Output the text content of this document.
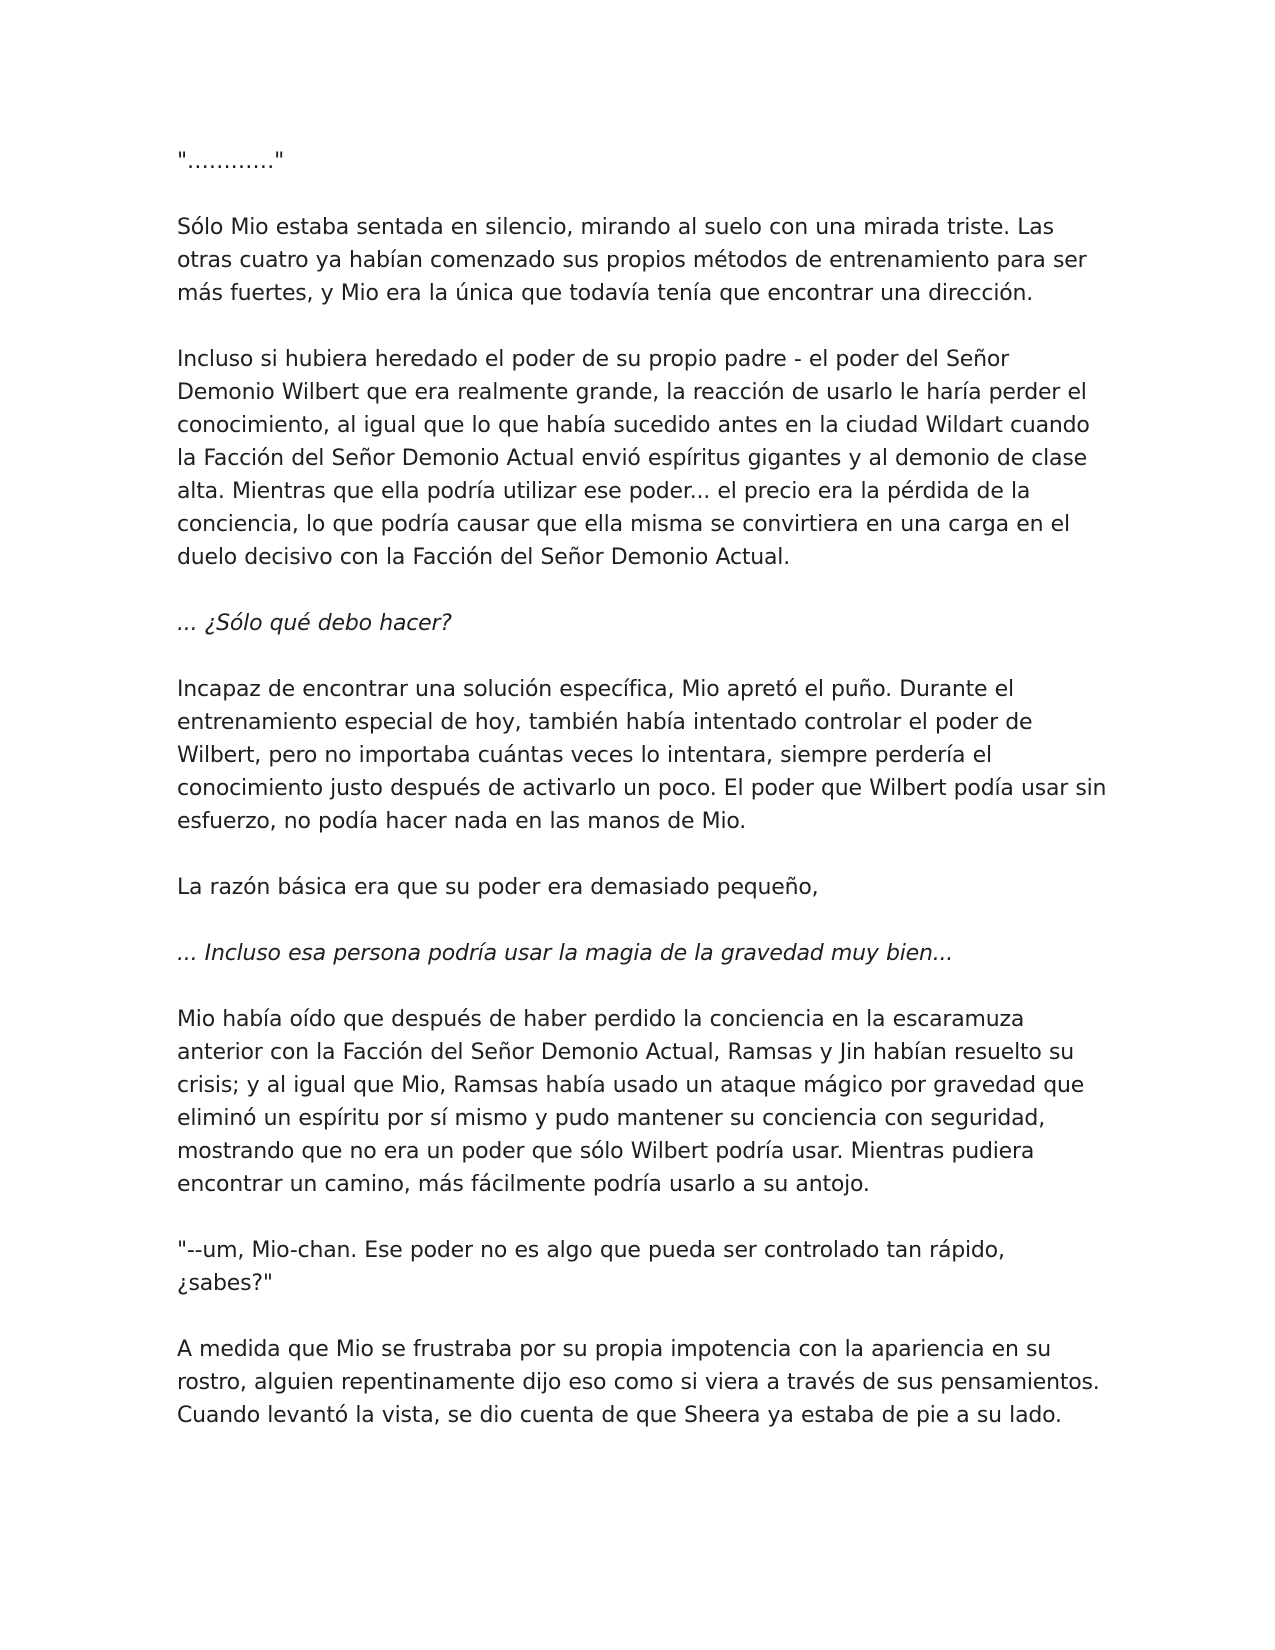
"…………"

Sólo Mio estaba sentada en silencio, mirando al suelo con una mirada triste. Las otras cuatro ya habían comenzado sus propios métodos de entrenamiento para ser más fuertes, y Mio era la única que todavía tenía que encontrar una dirección.

Incluso si hubiera heredado el poder de su propio padre - el poder del Señor Demonio Wilbert que era realmente grande, la reacción de usarlo le haría perder el conocimiento, al igual que lo que había sucedido antes en la ciudad Wildart cuando la Facción del Señor Demonio Actual envió espíritus gigantes y al demonio de clase alta. Mientras que ella podría utilizar ese poder... el precio era la pérdida de la conciencia, lo que podría causar que ella misma se convirtiera en una carga en el duelo decisivo con la Facción del Señor Demonio Actual.

... ¿Sólo qué debo hacer?

Incapaz de encontrar una solución específica, Mio apretó el puño. Durante el entrenamiento especial de hoy, también había intentado controlar el poder de Wilbert, pero no importaba cuántas veces lo intentara, siempre perdería el conocimiento justo después de activarlo un poco. El poder que Wilbert podía usar sin esfuerzo, no podía hacer nada en las manos de Mio.

La razón básica era que su poder era demasiado pequeño,

... Incluso esa persona podría usar la magia de la gravedad muy bien...

Mio había oído que después de haber perdido la conciencia en la escaramuza anterior con la Facción del Señor Demonio Actual, Ramsas y Jin habían resuelto su crisis; y al igual que Mio, Ramsas había usado un ataque mágico por gravedad que eliminó un espíritu por sí mismo y pudo mantener su conciencia con seguridad, mostrando que no era un poder que sólo Wilbert podría usar. Mientras pudiera encontrar un camino, más fácilmente podría usarlo a su antojo.

"--um, Mio-chan. Ese poder no es algo que pueda ser controlado tan rápido, ¿sabes?"

A medida que Mio se frustraba por su propia impotencia con la apariencia en su rostro, alguien repentinamente dijo eso como si viera a través de sus pensamientos. Cuando levantó la vista, se dio cuenta de que Sheera ya estaba de pie a su lado.
